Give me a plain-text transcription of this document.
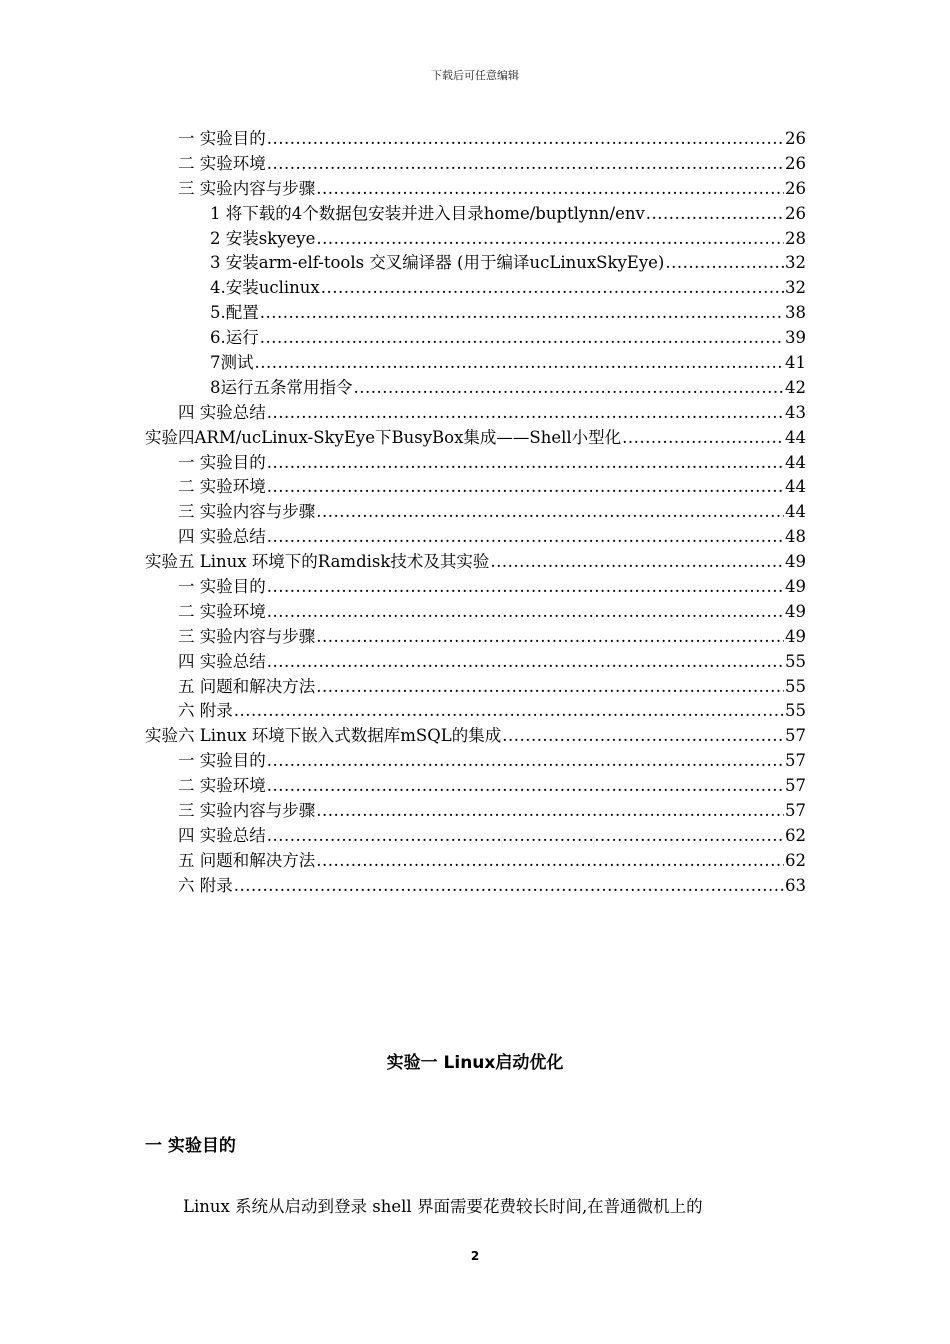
下载后可任意编辑
一 实验目的 .....	26
二 实验环境 .....	26
三 实验内容与步骤 .....	26
1 将下载的4个数据包安装并进入目录home/buptlynn/env .....	26
2 安装skyeye .....	28
3 安装arm-elf-tools 交叉编译器 (用于编译ucLinuxSkyEye) .....	32
4.安装uclinux .....	32
5.配置 .....	38
6.运行 .....	39
7测试 .....	41
8运行五条常用指令 .....	42
四 实验总结 .....	43
实验四ARM/ucLinux-SkyEye下BusyBox集成——Shell小型化 .....	44
一 实验目的 .....	44
二 实验环境 .....	44
三 实验内容与步骤 .....	44
四 实验总结 .....	48
实验五 Linux 环境下的Ramdisk技术及其实验 .....	49
一 实验目的 .....	49
二 实验环境 .....	49
三 实验内容与步骤 .....	49
四 实验总结 .....	55
五 问题和解决方法 .....	55
六 附录 .....	55
实验六 Linux 环境下嵌入式数据库mSQL的集成 .....	57
一 实验目的 .....	57
二 实验环境 .....	57
三 实验内容与步骤 .....	57
四 实验总结 .....	62
五 问题和解决方法 .....	62
六 附录 .....	63
实验一 Linux启动优化
一 实验目的
Linux 系统从启动到登录 shell 界面需要花费较长时间,在普通微机上的
2
